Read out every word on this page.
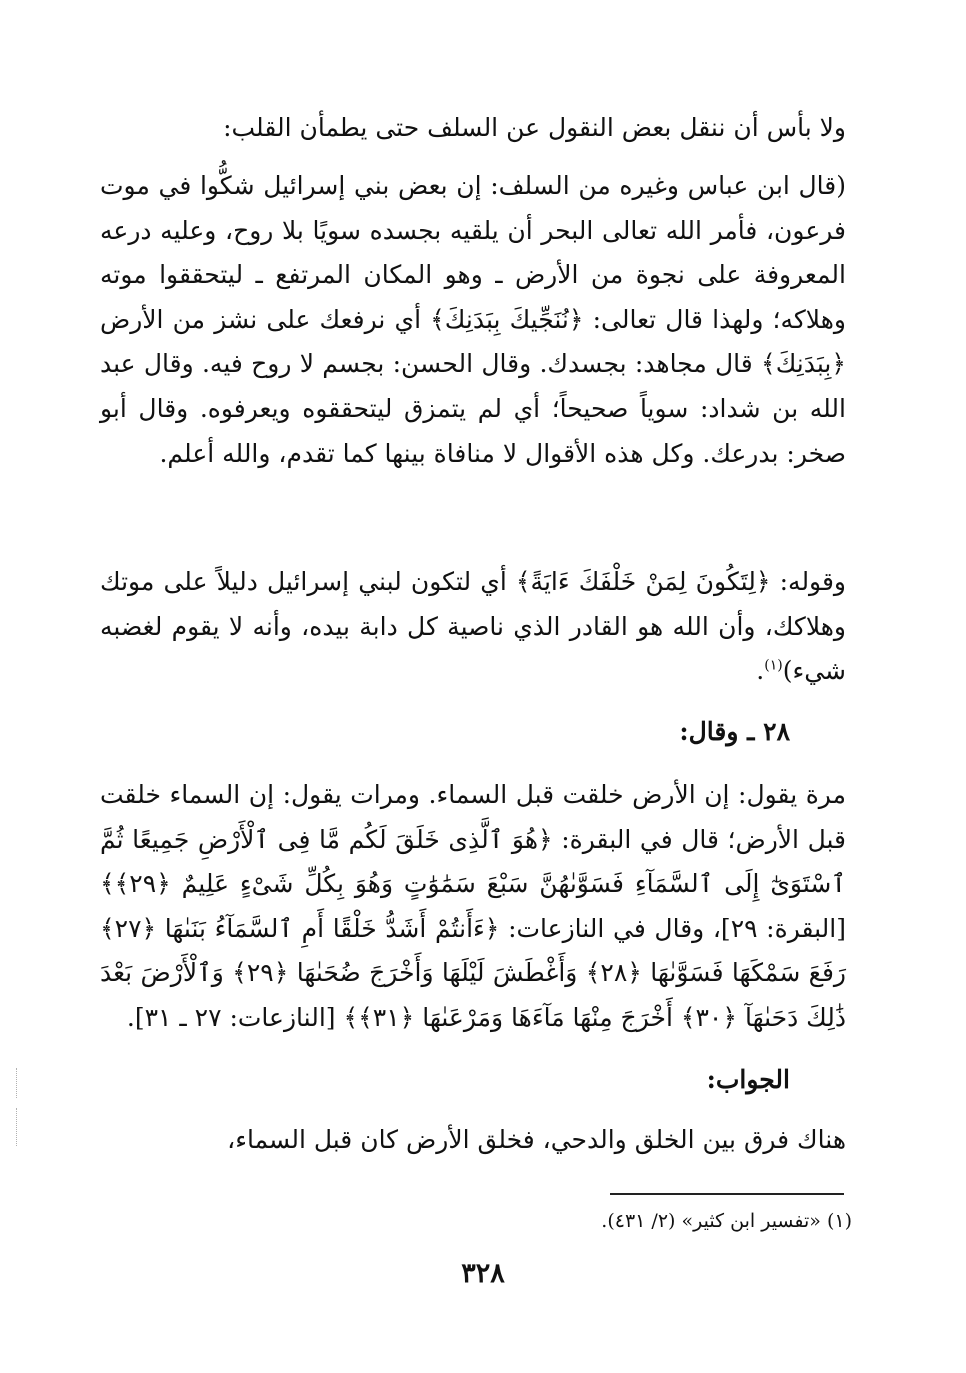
ولا بأس أن ننقل بعض النقول عن السلف حتى يطمأن القلب:

(قال ابن عباس وغيره من السلف: إن بعض بني إسرائيل شكُّوا في موت فرعون، فأمر الله تعالى البحر أن يلقيه بجسده سويًا بلا روح، وعليه درعه المعروفة على نجوة من الأرض ـ وهو المكان المرتفع ـ ليتحققوا موته وهلاكه؛ ولهذا قال تعالى: ﴿نُنَجِّيكَ بِبَدَنِكَ﴾ أي نرفعك على نشز من الأرض ﴿بِبَدَنِكَ﴾ قال مجاهد: بجسدك. وقال الحسن: بجسم لا روح فيه. وقال عبد الله بن شداد: سوياً صحيحاً؛ أي لم يتمزق ليتحققوه ويعرفوه. وقال أبو صخر: بدرعك. وكل هذه الأقوال لا منافاة بينها كما تقدم، والله أعلم.

وقوله: ﴿لِتَكُونَ لِمَنْ خَلْفَكَ ءَايَةً﴾ أي لتكون لبني إسرائيل دليلاً على موتك وهلاكك، وأن الله هو القادر الذي ناصية كل دابة بيده، وأنه لا يقوم لغضبه شيء)$^{(١)}$.

٢٨ ـ وقال:

مرة يقول: إن الأرض خلقت قبل السماء. ومرات يقول: إن السماء خلقت قبل الأرض؛ قال في البقرة: ﴿هُوَ ٱلَّذِى خَلَقَ لَكُم مَّا فِى ٱلْأَرْضِ جَمِيعًا ثُمَّ ٱسْتَوَىٰٓ إِلَى ٱلسَّمَآءِ فَسَوَّىٰهُنَّ سَبْعَ سَمَٰوَٰتٍ وَهُوَ بِكُلِّ شَىْءٍ عَلِيمٌ ﴿٢٩﴾﴾ [البقرة: ٢٩]، وقال في النازعات: ﴿ءَأَنتُمْ أَشَدُّ خَلْقًا أَمِ ٱلسَّمَآءُ بَنَىٰهَا ﴿٢٧﴾ رَفَعَ سَمْكَهَا فَسَوَّىٰهَا ﴿٢٨﴾ وَأَغْطَشَ لَيْلَهَا وَأَخْرَجَ ضُحَىٰهَا ﴿٢٩﴾ وَٱلْأَرْضَ بَعْدَ ذَٰلِكَ دَحَىٰهَآ ﴿٣٠﴾ أَخْرَجَ مِنْهَا مَآءَهَا وَمَرْعَىٰهَا ﴿٣١﴾﴾ [النازعات: ٢٧ ـ ٣١].

الجواب:

هناك فرق بين الخلق والدحي، فخلق الأرض كان قبل السماء،

(١) «تفسير ابن كثير» (٢/ ٤٣١).
٣٢٨
